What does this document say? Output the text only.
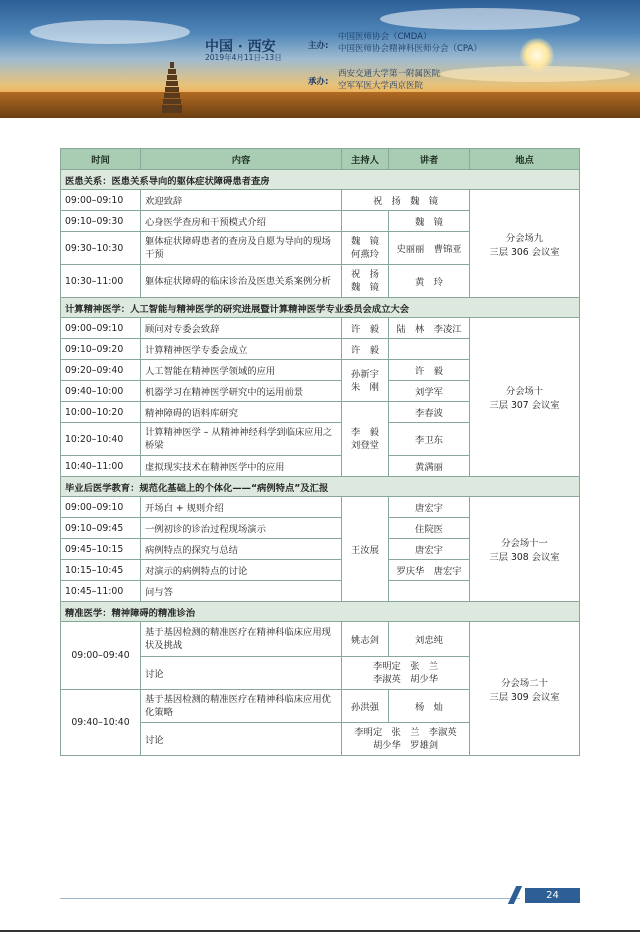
中国 · 西安
2019年4月11日–13日
主办:
中国医师协会（CMDA）
中国医师协会精神科医师分会（CPA）
承办:
西安交通大学第一附属医院
空军军医大学西京医院
时间	内容	主持人	讲者	地点
医患关系：医患关系导向的躯体症状障碍患者查房				
09:00–09:10	欢迎致辞	祝　扬　魏　镜		分会场九
三层 306 会议室

09:10–09:30	心身医学查房和干预模式介绍		魏　镜	
09:30–10:30	躯体症状障碍患者的查房及自愿为导向的现场干预	魏　镜 何燕玲	史丽丽　曹锦亚	
10:30–11:00	躯体症状障碍的临床诊治及医患关系案例分析	祝　扬 魏　镜	黄　玲	
计算精神医学：人工智能与精神医学的研究进展暨计算精神医学专业委员会成立大会				
09:00–09:10	顾问对专委会致辞	许　毅	陆　林　李凌江	分会场十
三层 307 会议室

09:10–09:20	计算精神医学专委会成立	许　毅		
09:20–09:40	人工智能在精神医学领域的应用	孙新宇 朱　刚	许　毅	
09:40–10:00	机器学习在精神医学研究中的运用前景		刘学军	
10:00–10:20	精神障碍的语料库研究	李　毅 刘登堂	李春波	
10:20–10:40	计算精神医学 – 从精神神经科学到临床应用之桥梁		李卫东	
10:40–11:00	虚拟现实技术在精神医学中的应用		黄满丽	
毕业后医学教育：规范化基础上的个体化——“病例特点”及汇报				
09:00–09:10	开场白 + 规则介绍	王汝展	唐宏宇	分会场十一
三层 308 会议室

09:10–09:45	一例初诊的诊治过程现场演示		住院医	
09:45–10:15	病例特点的探究与总结		唐宏宇	
10:15–10:45	对演示的病例特点的讨论		罗庆华　唐宏宇	
10:45–11:00	问与答			
精准医学：精神障碍的精准诊治				
09:00–09:40	基于基因检测的精准医疗在精神科临床应用现状及挑战	姚志剑	刘忠纯	分会场二十
三层 309 会议室

	讨论	李明定　张　兰
李淑英　胡少华		

09:40–10:40	基于基因检测的精准医疗在精神科临床应用优化策略	孙洪强	杨　灿	
	讨论	李明定　张　兰　李淑英
胡少华　罗雄剑		
24
